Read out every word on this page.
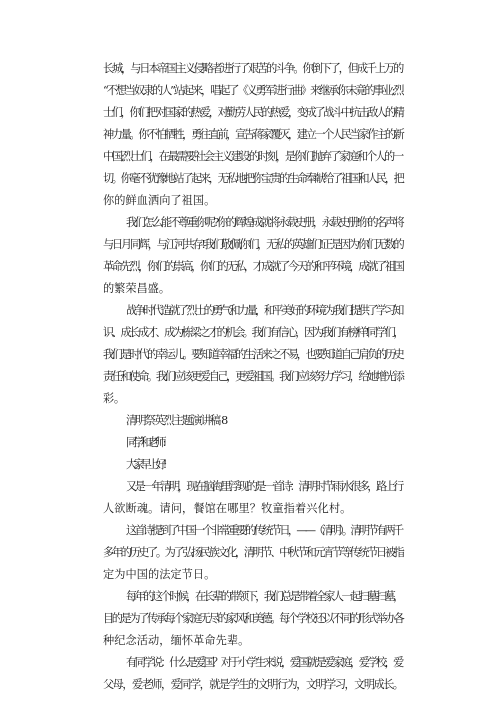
长城，与日本帝国主义侵略者进行了艰苦的斗争。你倒下了，但成千上万的
“不想当奴隶的人”站起来，唱起了《义勇军进行曲》来继承你未竟的事业;烈
士们，你们把对国家的热爱，对勤劳人民的热爱，变成了战斗中抗击敌人的精
神力量。你不怕牺牲，勇往直前，宣告蒋家覆灭，建立一个人民当家作主的新
中国;烈士们，在最需要社会主义建设的时刻，是你们抛弃了家庭和个人的一
切。你毫不犹豫地站了起来，无私地把你宝贵的生命奉献给了祖国和人民，把
你的鲜血洒向了祖国。
我们怎么能不尊重你呢?你的辉煌成就将永载史册，永载史册!你的名声将
与日月同辉，与江河共存!我们敬佩你们，无私的英雄们!正是因为你们无数的
革命先烈，你们的崇高，你们的无私，才成就了今天的和平环境，成就了祖国
的繁荣昌盛。
战争时代造就了烈士的勇气和力量，和平美好的环境为我们提供了学习知
识、成长成才、成为栋梁之才的机会。我们有信心，因为我们有榜样!同学们，
我们是时代的幸运儿。要知道幸福的生活来之不易，也要知道自己肩负的历史
责任和使命。我们应该更爱自己，更爱祖国。我们应该努力学习，给她增光添
彩。
清明祭英烈主题演讲稿 8
同学和老师:
大家早上好!
又是一年清明，现在脑海里浮现的是一首诗：清明时节雨水很多，路上行
人欲断魂。请问，餐馆在哪里？牧童指着兴化村。
这首诗提到了中国一个非常重要的传统节日，——（清明）。清明节有两千
多年的历史了。为了弘扬民族文化，清明节、中秋节和元宵节等传统节日被指
定为中国的法定节日。
每年的这个时候，在长辈的带领下，我们总是带着全家人一起扫墓扫墓，
目的是为了传承每个家庭无尽的家风和美德。每个学校还以不同的形式举办各
种纪念活动，缅怀革命先辈。
有同学说：什么是爱国？对于小学生来说，爱国就是爱家庭，爱学校，爱
父母，爱老师，爱同学，就是学生的文明行为，文明学习，文明成长。
